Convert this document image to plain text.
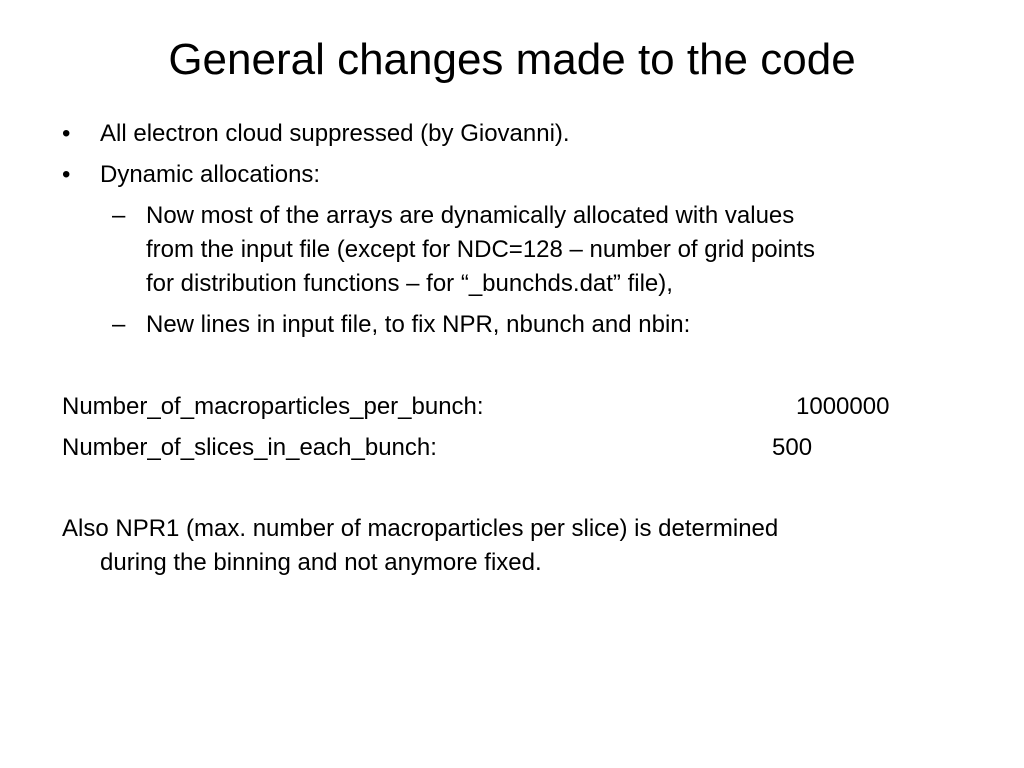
General changes made to the code
• All electron cloud suppressed (by Giovanni).
• Dynamic allocations:
– Now most of the arrays are dynamically allocated with values
from the input file (except for NDC=128 – number of grid points
for distribution functions – for “_bunchds.dat” file),
– New lines in input file, to fix NPR, nbunch and nbin:
Number_of_macroparticles_per_bunch:	1000000
Number_of_slices_in_each_bunch:	500
Also NPR1 (max. number of macroparticles per slice) is determined
during the binning and not anymore fixed.
